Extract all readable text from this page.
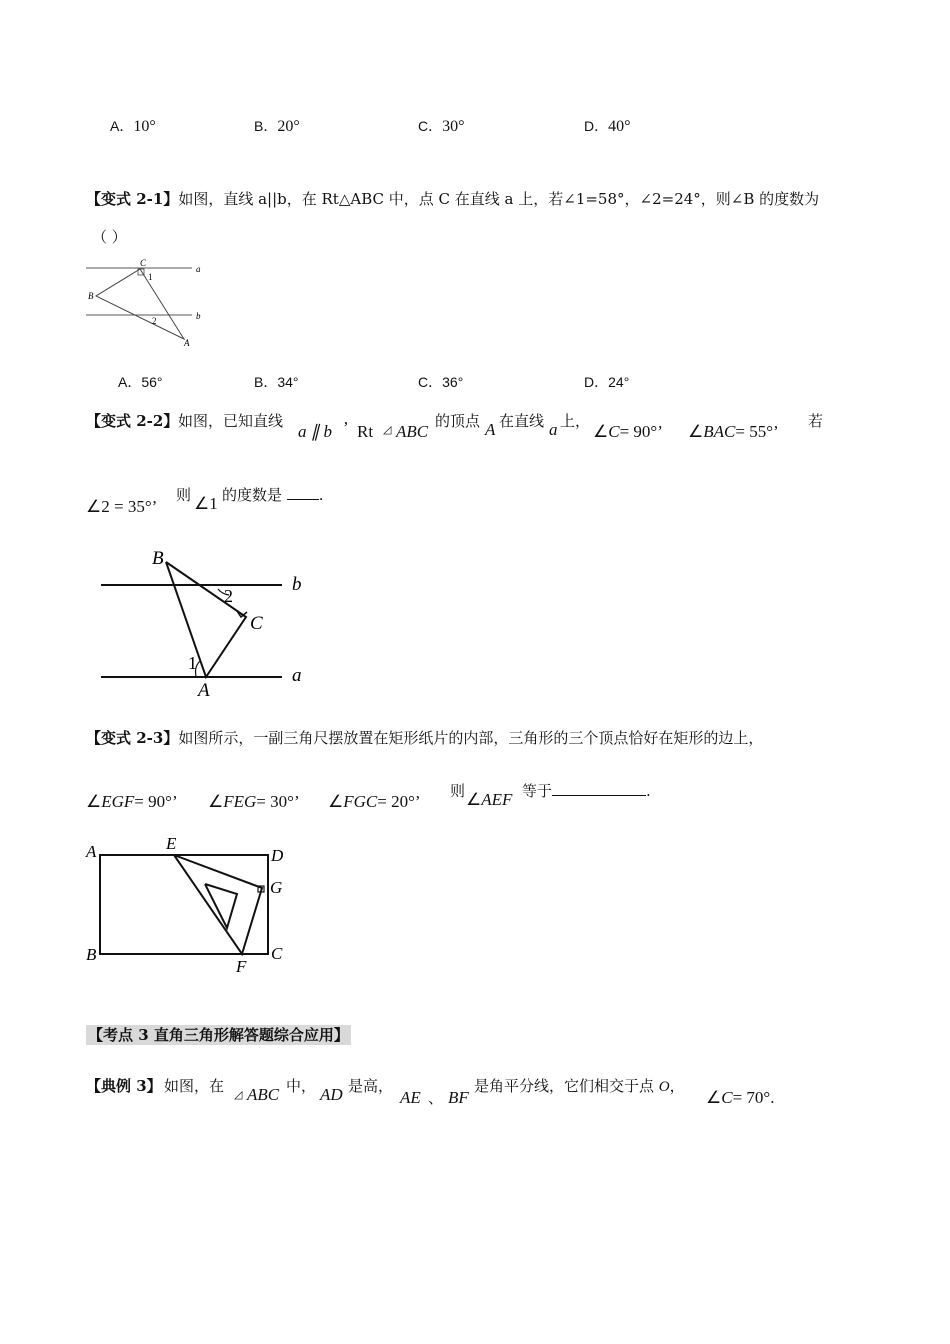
A．10°	B．20°	C．30°	D．40°
【变式 2-1】如图，直线 a||b，在 Rt△ABC 中，点 C 在直线 a 上，若∠1=58°，∠2=24°，则∠B 的度数为
（ ）
C
B
A
a
b
1
2
A．56°	B．34°	C．36°	D．24°
【变式 2-2】 如图，已知直线
a ∥ b ’ Rt ◿ ABC
的顶点 A 在直线 a 上，
∠C= 90°’ ∠BAC= 55°’
若
∠2 = 35°’
则 ∠1 的度数是 .
B
C
A
b
a
1
2
【变式 2-3】如图所示，一副三角尺摆放置在矩形纸片的内部，三角形的三个顶点恰好在矩形的边上，
∠EGF= 90°’ ∠FEG= 30°’ ∠FGC= 20°’
则 ∠AEF 等于	.
A	E
D
G
B
F
C
【考点 3 直角三角形解答题综合应用】
【典例 3】 如图，在 ◿ ABC 中， AD 是高，
AE 、 BF
是角平分线，它们相交于点 O，
∠C= 70°.
